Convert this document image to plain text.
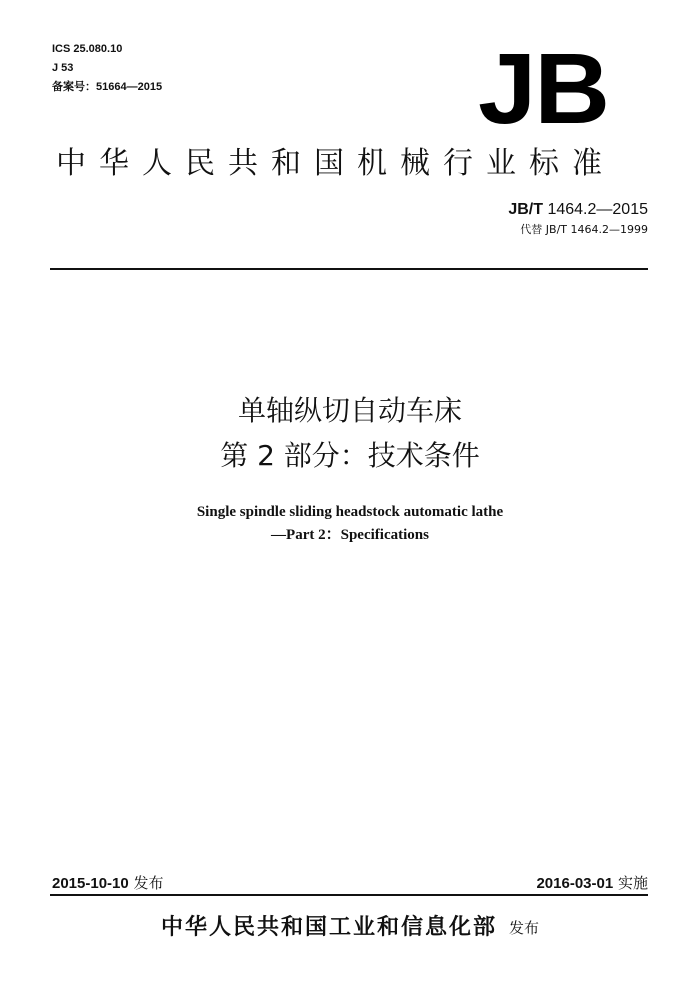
ICS 25.080.10
J 53
备案号：51664—2015	JB
中华人民共和国机械行业标准
JB/T 1464.2—2015
代替 JB/T 1464.2—1999
单轴纵切自动车床
第 2 部分：技术条件
Single spindle sliding headstock automatic lathe
—Part 2：Specifications
2015-10-10 发布	2016-03-01 实施
中华人民共和国工业和信息化部 发布
